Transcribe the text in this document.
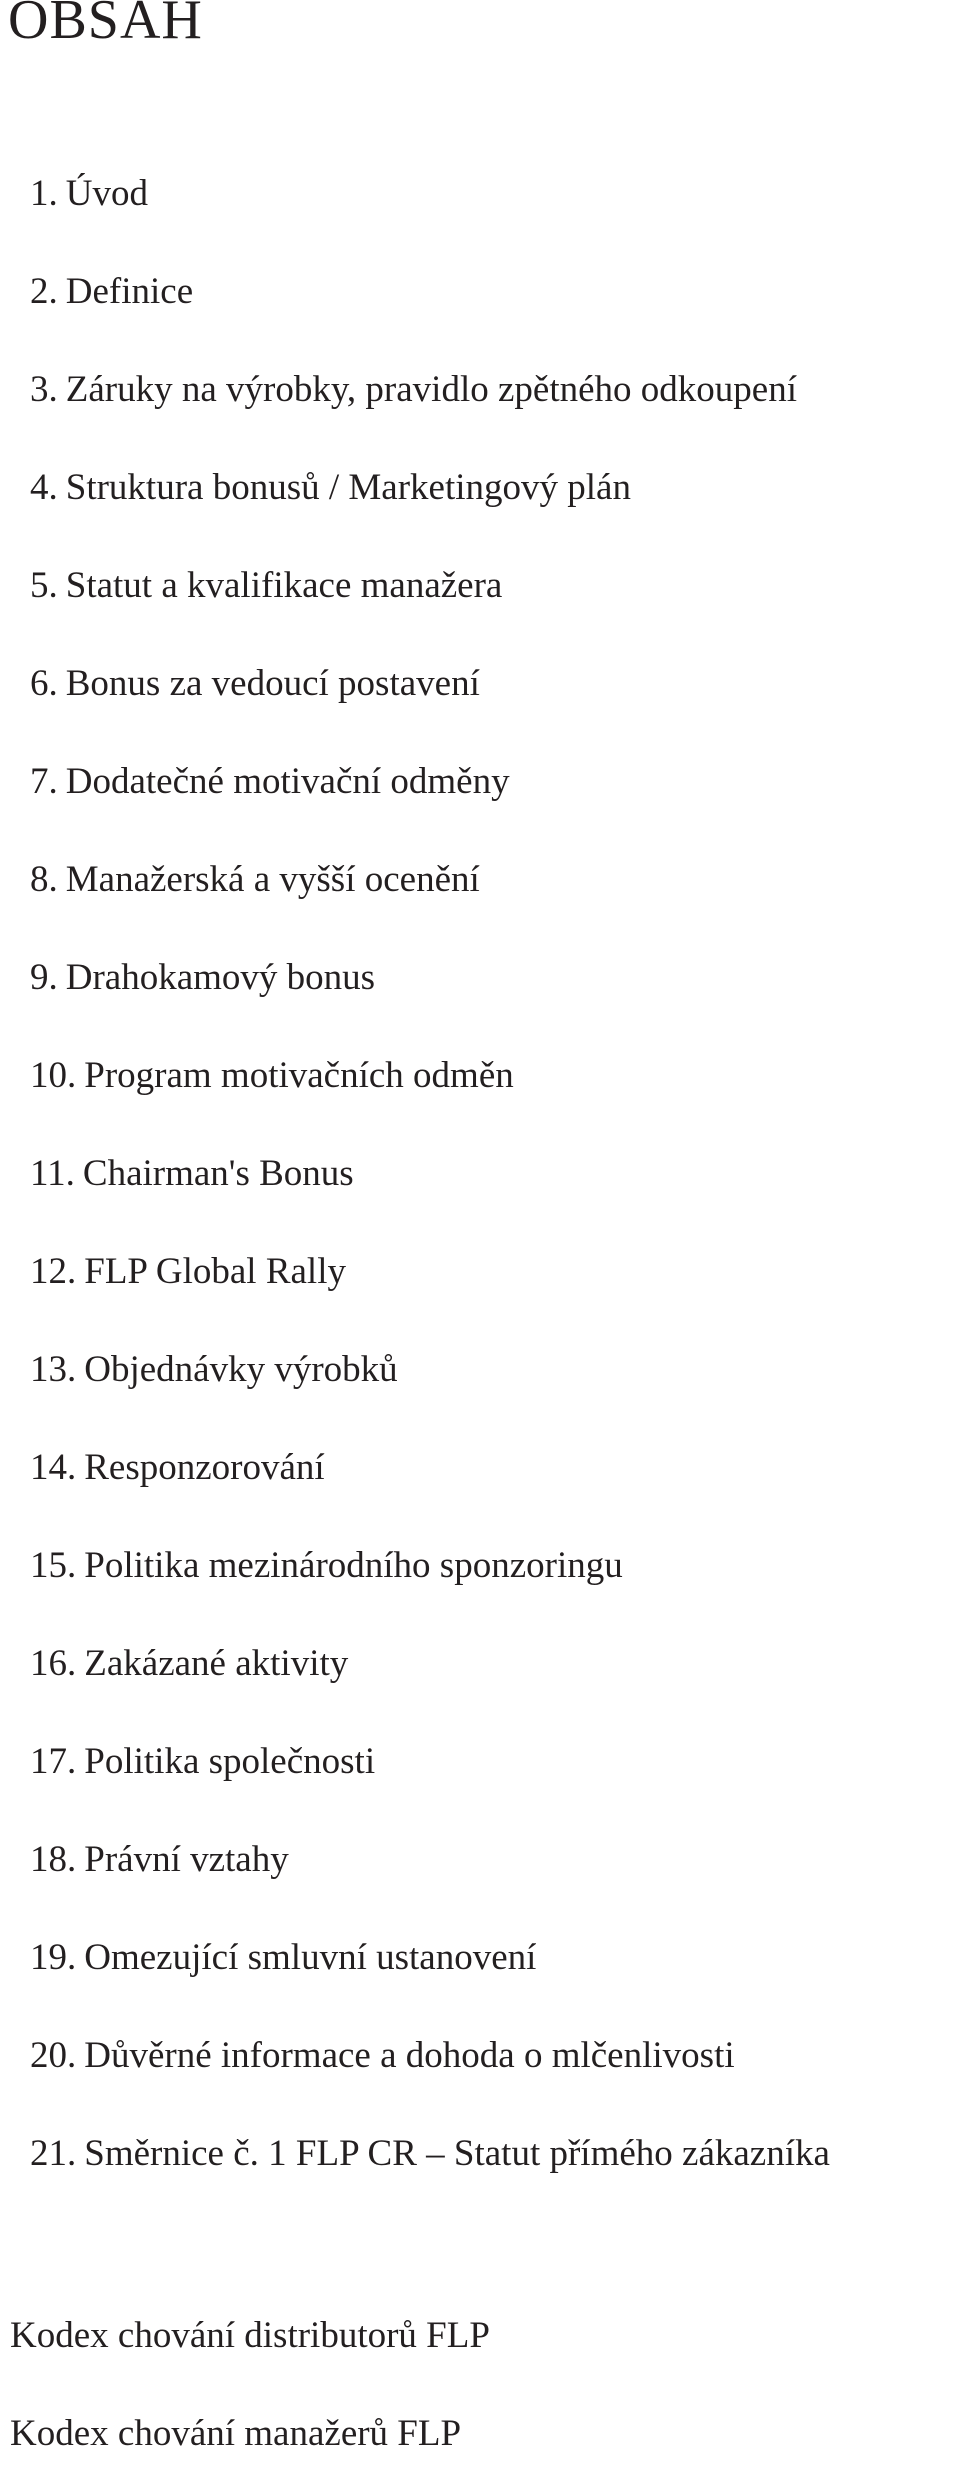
OBSAH
1. Úvod
2. Definice
3. Záruky na výrobky, pravidlo zpětného odkoupení
4. Struktura bonusů / Marketingový plán
5. Statut a kvalifikace manažera
6. Bonus za vedoucí postavení
7. Dodatečné motivační odměny
8. Manažerská a vyšší ocenění
9. Drahokamový bonus
10. Program motivačních odměn
11. Chairman's Bonus
12. FLP Global Rally
13. Objednávky výrobků
14. Responzorování
15. Politika mezinárodního sponzoringu
16. Zakázané aktivity
17. Politika společnosti
18. Právní vztahy
19. Omezující smluvní ustanovení
20. Důvěrné informace a dohoda o mlčenlivosti
21. Směrnice č. 1 FLP CR – Statut přímého zákazníka
Kodex chování distributorů FLP
Kodex chování manažerů FLP
